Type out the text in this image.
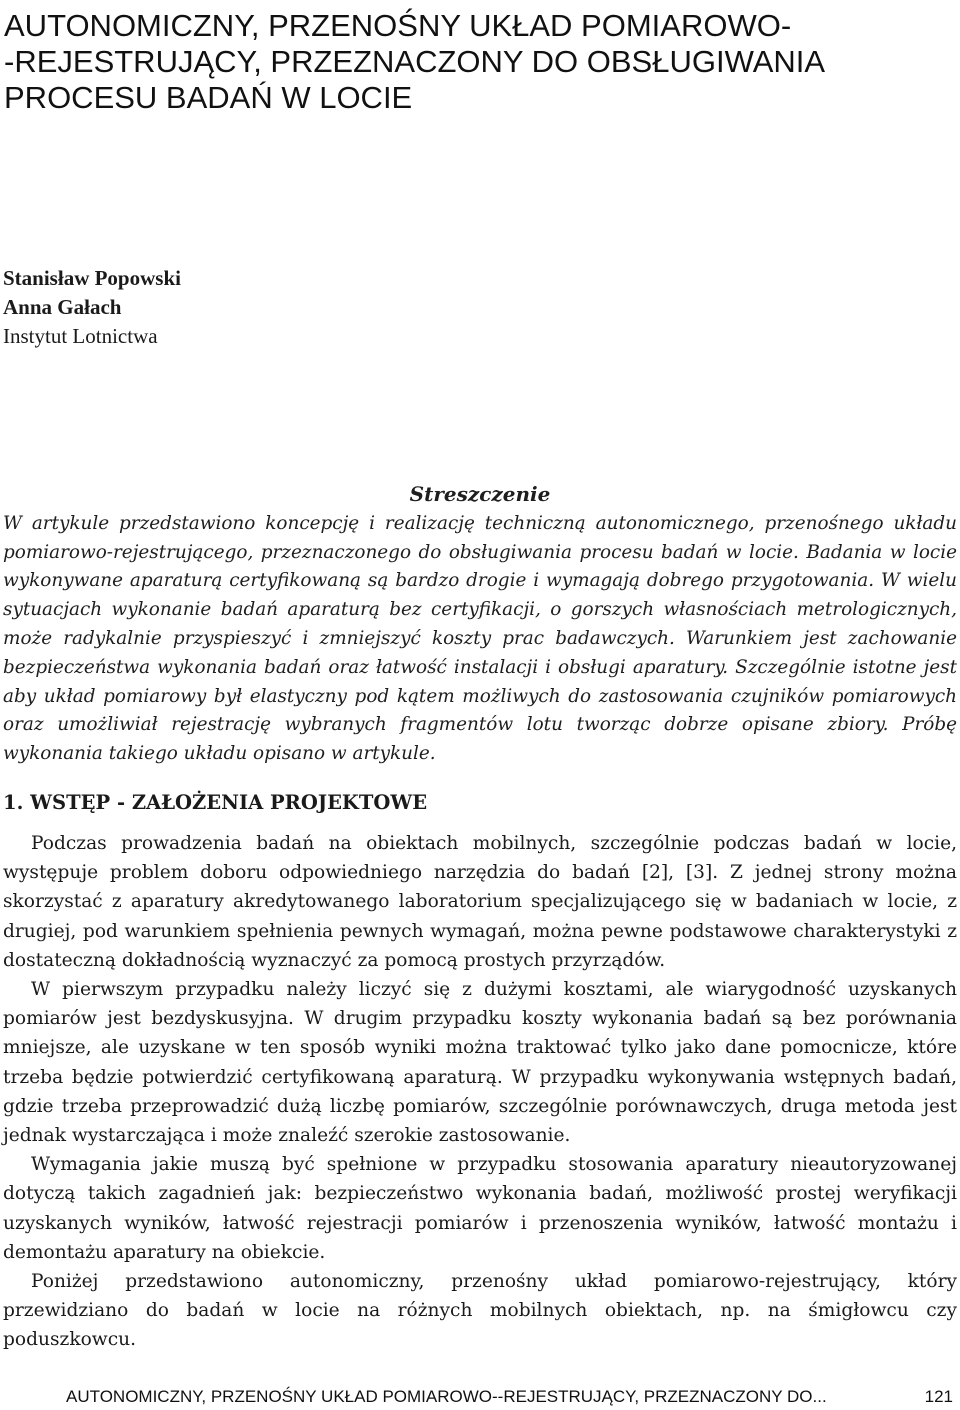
AUTONOMICZNY, PRZENOŚNY UKŁAD POMIAROWO-
-REJESTRUJĄCY, PRZEZNACZONY DO OBSŁUGIWANIA
PROCESU BADAŃ W LOCIE
Stanisław Popowski
Anna Gałach
Instytut Lotnictwa
Streszczenie

W artykule przedstawiono koncepcję i realizację techniczną autonomicznego, przenośnego układu pomiarowo-rejestrującego, przeznaczonego do obsługiwania procesu badań w locie. Badania w locie wykonywane aparaturą certyfikowaną są bardzo drogie i wymagają dobrego przygotowania. W wielu sytuacjach wykonanie badań aparaturą bez certyfikacji, o gorszych własnościach metrologicznych, może radykalnie przyspieszyć i zmniejszyć koszty prac badawczych. Warunkiem jest zachowanie bezpieczeństwa wykonania badań oraz łatwość instalacji i obsługi aparatury. Szczególnie istotne jest aby układ pomiarowy był elastyczny pod kątem możliwych do zastosowania czujników pomiarowych oraz umożliwiał rejestrację wybranych fragmentów lotu tworząc dobrze opisane zbiory. Próbę wykonania takiego układu opisano w artykule.

1. WSTĘP - ZAŁOŻENIA PROJEKTOWE

Podczas prowadzenia badań na obiektach mobilnych, szczególnie podczas badań w locie, występuje problem doboru odpowiedniego narzędzia do badań [2], [3]. Z jednej strony można skorzystać z aparatury akredytowanego laboratorium specjalizującego się w badaniach w locie, z drugiej, pod warunkiem spełnienia pewnych wymagań, można pewne podstawowe charakterystyki z dostateczną dokładnością wyznaczyć za pomocą prostych przyrządów.

W pierwszym przypadku należy liczyć się z dużymi kosztami, ale wiarygodność uzyskanych pomiarów jest bezdyskusyjna. W drugim przypadku koszty wykonania badań są bez porównania mniejsze, ale uzyskane w ten sposób wyniki można traktować tylko jako dane pomocnicze, które trzeba będzie potwierdzić certyfikowaną aparaturą. W przypadku wykonywania wstępnych badań, gdzie trzeba przeprowadzić dużą liczbę pomiarów, szczególnie porównawczych, druga metoda jest jednak wystarczająca i może znaleźć szerokie zastosowanie.

Wymagania jakie muszą być spełnione w przypadku stosowania aparatury nieautoryzowanej dotyczą takich zagadnień jak: bezpieczeństwo wykonania badań, możliwość prostej weryfikacji uzyskanych wyników, łatwość rejestracji pomiarów i przenoszenia wyników, łatwość montażu i demontażu aparatury na obiekcie.

Poniżej przedstawiono autonomiczny, przenośny układ pomiarowo-rejestrujący, który przewidziano do badań w locie na różnych mobilnych obiektach, np. na śmigłowcu czy poduszkowcu.

AUTONOMICZNY, PRZENOŚNY UKŁAD POMIAROWO--REJESTRUJĄCY, PRZEZNACZONY DO...	121
